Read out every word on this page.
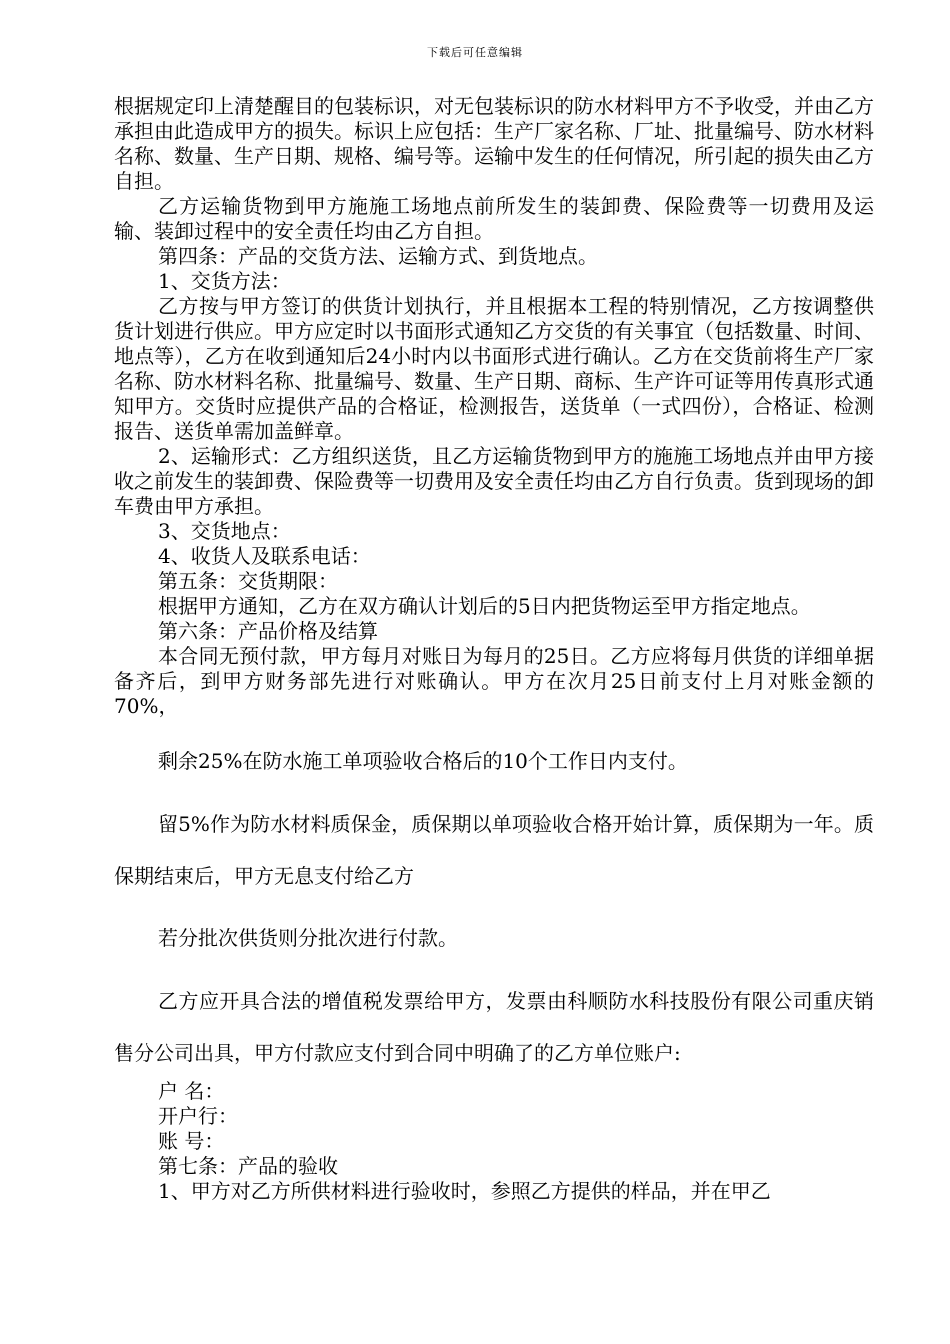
下载后可任意编辑

根据规定印上清楚醒目的包装标识，对无包装标识的防水材料甲方不予收受，并由乙方承担由此造成甲方的损失。标识上应包括：生产厂家名称、厂址、批量编号、防水材料名称、数量、生产日期、规格、编号等。运输中发生的任何情况，所引起的损失由乙方自担。

乙方运输货物到甲方施施工场地点前所发生的装卸费、保险费等一切费用及运输、装卸过程中的安全责任均由乙方自担。

第四条：产品的交货方法、运输方式、到货地点。

1、交货方法：

乙方按与甲方签订的供货计划执行，并且根据本工程的特别情况，乙方按调整供货计划进行供应。甲方应定时以书面形式通知乙方交货的有关事宜（包括数量、时间、地点等），乙方在收到通知后24小时内以书面形式进行确认。乙方在交货前将生产厂家名称、防水材料名称、批量编号、数量、生产日期、商标、生产许可证等用传真形式通知甲方。交货时应提供产品的合格证，检测报告，送货单（一式四份），合格证、检测报告、送货单需加盖鲜章。

2、运输形式：乙方组织送货，且乙方运输货物到甲方的施施工场地点并由甲方接收之前发生的装卸费、保险费等一切费用及安全责任均由乙方自行负责。货到现场的卸车费由甲方承担。

3、交货地点：

4、收货人及联系电话：

第五条：交货期限：

根据甲方通知，乙方在双方确认计划后的5日内把货物运至甲方指定地点。

第六条：产品价格及结算

本合同无预付款，甲方每月对账日为每月的25日。乙方应将每月供货的详细单据备齐后，到甲方财务部先进行对账确认。甲方在次月25日前支付上月对账金额的70%，

剩余25%在防水施工单项验收合格后的10个工作日内支付。

留5%作为防水材料质保金，质保期以单项验收合格开始计算，质保期为一年。质保期结束后，甲方无息支付给乙方

若分批次供货则分批次进行付款。

乙方应开具合法的增值税发票给甲方，发票由科顺防水科技股份有限公司重庆销售分公司出具，甲方付款应支付到合同中明确了的乙方单位账户:

户 名：

开户行：

账 号：

第七条：产品的验收

1、甲方对乙方所供材料进行验收时，参照乙方提供的样品，并在甲乙
